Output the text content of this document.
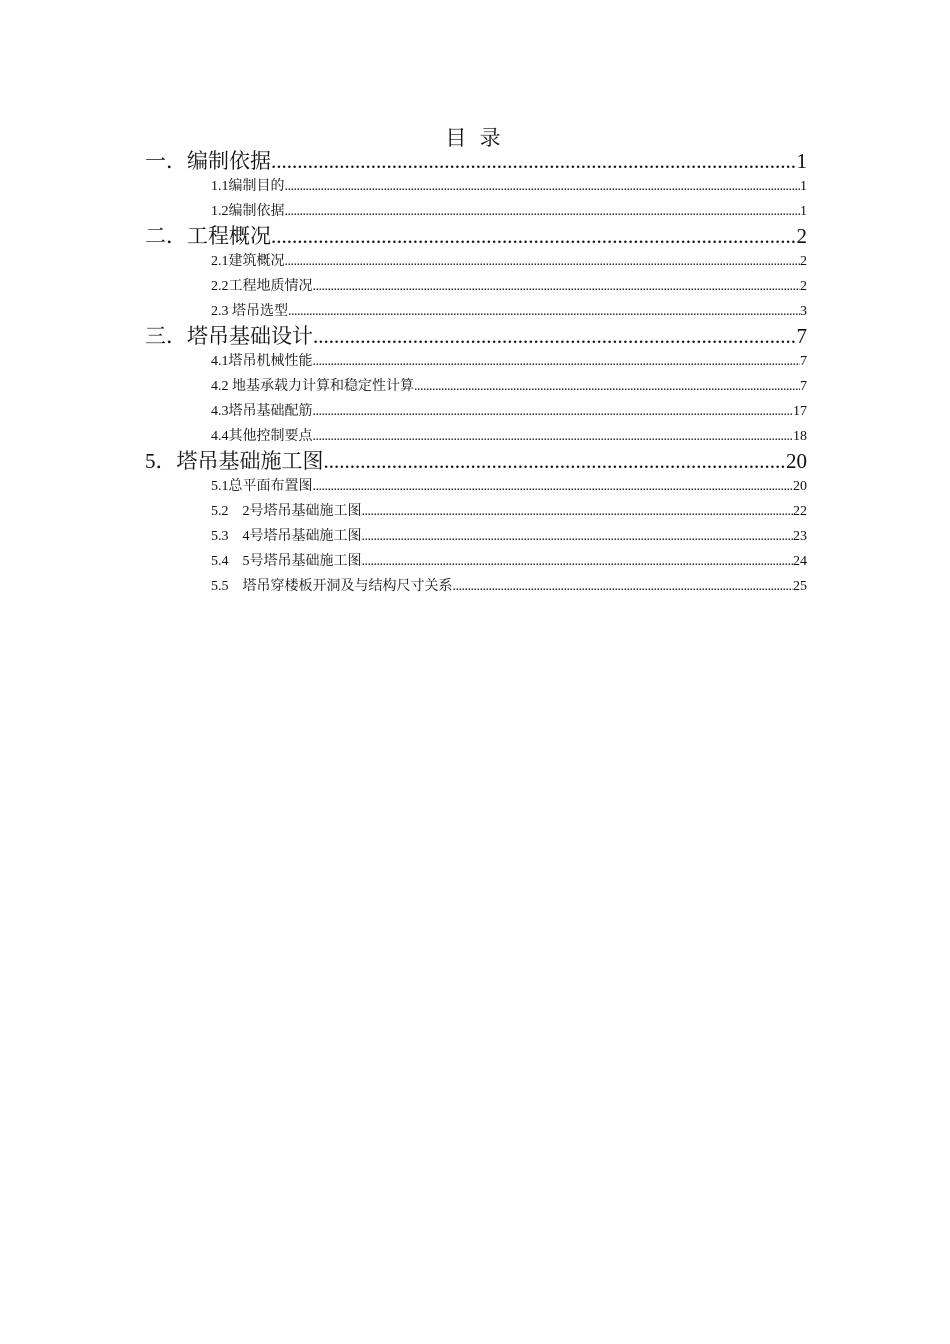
目 录
一．编制依据 .....	1
1.1编制目的 .....	1
1.2编制依据 .....	1
二．工程概况 .....	2
2.1建筑概况 .....	2
2.2工程地质情况 .....	2
2.3 塔吊选型 .....	3
三．塔吊基础设计 .....	7
4.1塔吊机械性能 .....	7
4.2 地基承载力计算和稳定性计算 .....	7
4.3塔吊基础配筋 .....	17
4.4其他控制要点 .....	18
5．塔吊基础施工图 .....	20
5.1总平面布置图 .....	20
5.2　2号塔吊基础施工图 .....	22
5.3　4号塔吊基础施工图 .....	23
5.4　5号塔吊基础施工图 .....	24
5.5　塔吊穿楼板开洞及与结构尺寸关系 .....	25
